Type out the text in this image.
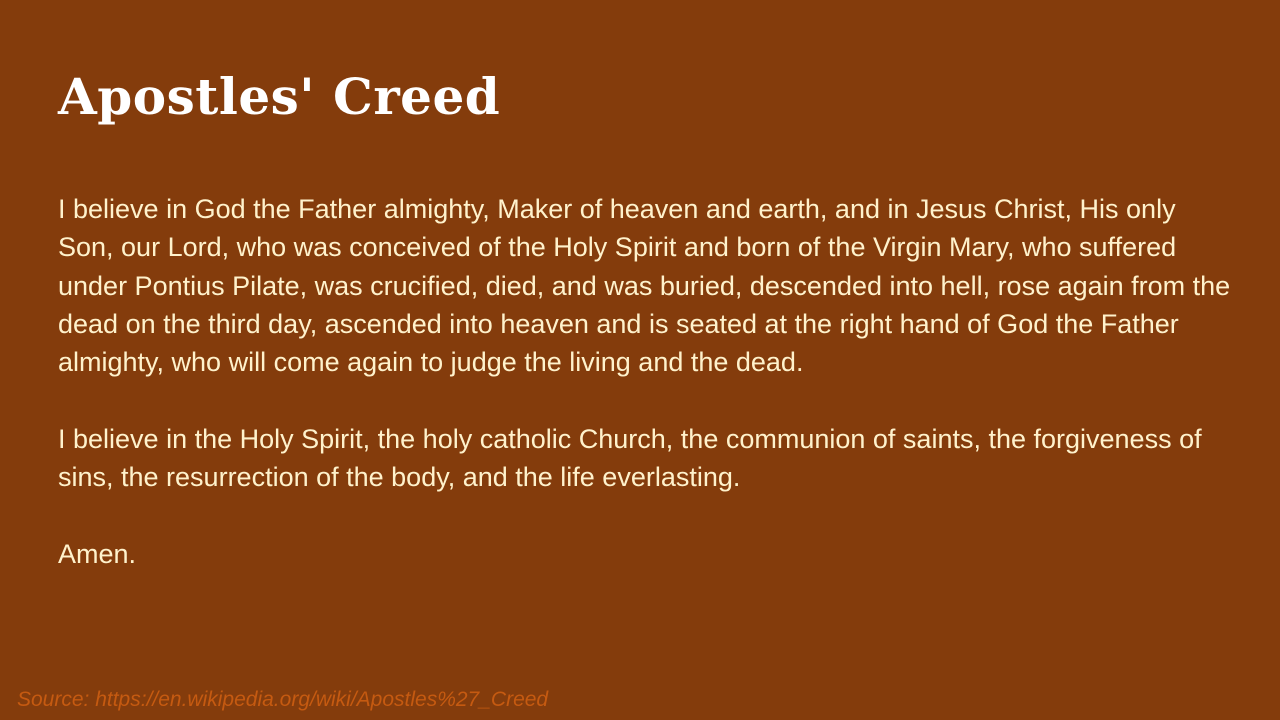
Apostles' Creed

I believe in God the Father almighty, Maker of heaven and earth, and in Jesus Christ, His only Son, our Lord, who was conceived of the Holy Spirit and born of the Virgin Mary, who suffered under Pontius Pilate, was crucified, died, and was buried, descended into hell, rose again from the dead on the third day, ascended into heaven and is seated at the right hand of God the Father almighty, who will come again to judge the living and the dead.

I believe in the Holy Spirit, the holy catholic Church, the communion of saints, the forgiveness of sins, the resurrection of the body, and the life everlasting.

Amen.

Source: https://en.wikipedia.org/wiki/Apostles%27_Creed
